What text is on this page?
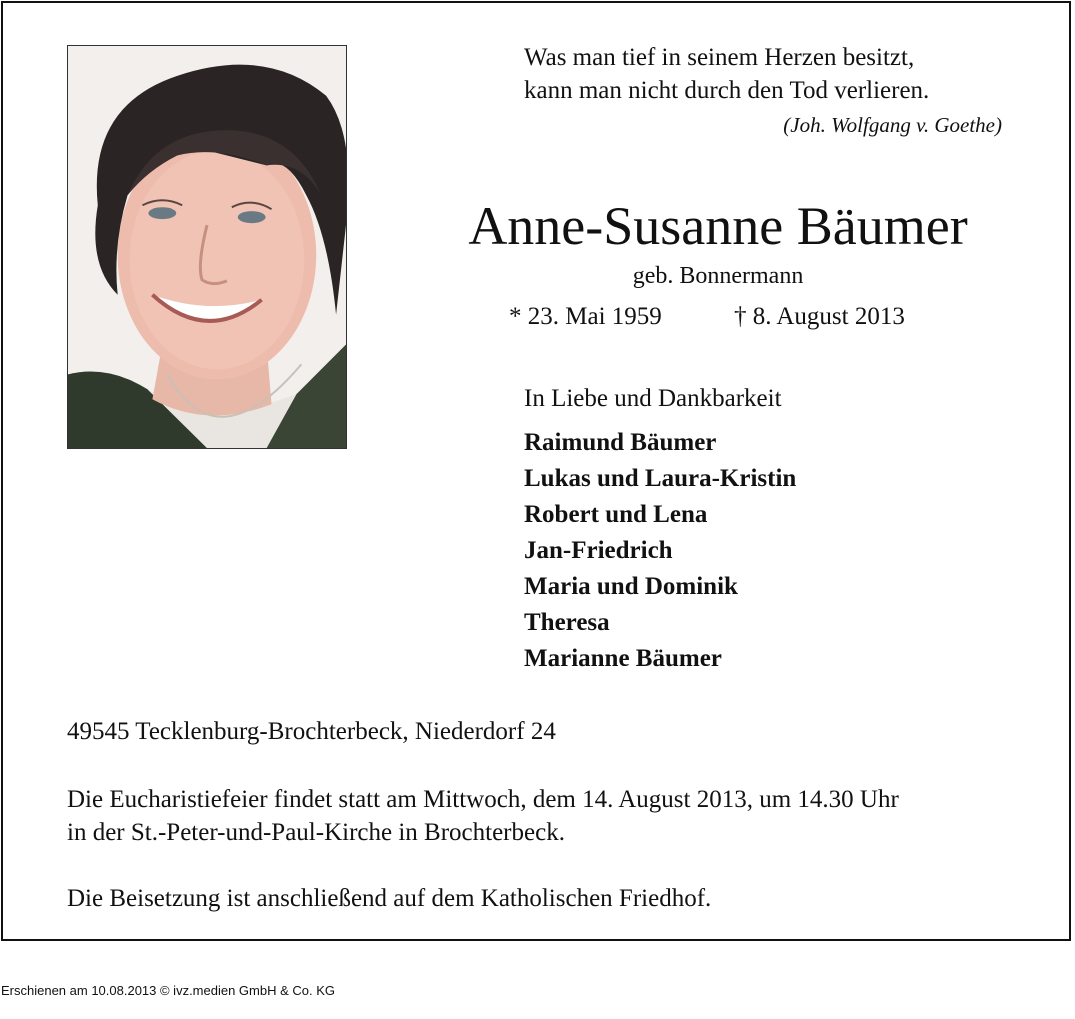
Was man tief in seinem Herzen besitzt,
kann man nicht durch den Tod verlieren.
(Joh. Wolfgang v. Goethe)
Anne-Susanne Bäumer
geb. Bonnermann
* 23. Mai 1959	† 8. August 2013
In Liebe und Dankbarkeit
Raimund Bäumer
Lukas und Laura-Kristin
Robert und Lena
Jan-Friedrich
Maria und Dominik
Theresa
Marianne Bäumer
49545 Tecklenburg-Brochterbeck, Niederdorf 24
Die Eucharistiefeier findet statt am Mittwoch, dem 14. August 2013, um 14.30 Uhr
in der St.-Peter-und-Paul-Kirche in Brochterbeck.
Die Beisetzung ist anschließend auf dem Katholischen Friedhof.
Erschienen am 10.08.2013 © ivz.medien GmbH & Co. KG
